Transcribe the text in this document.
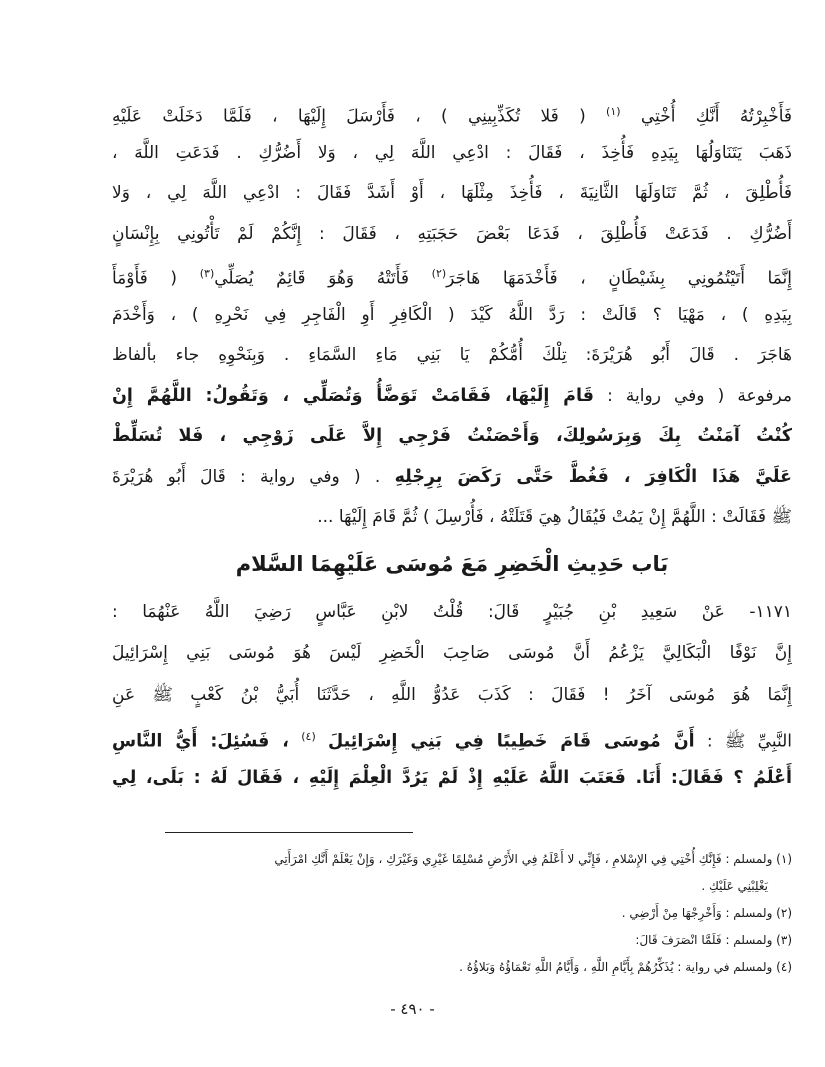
فَأَخْبِرْتُهُ أَنَّكِ أُخْتِي $^{(١)}$ ( فَلا تُكَذِّبِينِي ) ، فَأَرْسَلَ إِلَيْهَا ، فَلَمَّا دَخَلَتْ عَلَيْهِ
ذَهَبَ يَتَنَاوَلُهَا بِيَدِهِ فَأُخِذَ ، فَقَالَ : ادْعِي اللَّهَ لِي ، وَلا أَضُرُّكِ . فَدَعَتِ اللَّهَ ،
فَأُطْلِقَ ، ثُمَّ تَنَاوَلَهَا الثَّانِيَةَ ، فَأُخِذَ مِثْلَهَا ، أَوْ أَشَدَّ فَقَالَ : ادْعِي اللَّهَ لِي ، وَلا
أَضُرُّكِ . فَدَعَتْ فَأُطْلِقَ ، فَدَعَا بَعْضَ حَجَبَتِهِ ، فَقَالَ : إِنَّكُمْ لَمْ تَأْتُونِي بِإِنْسَانٍ
إِنَّمَا أَتَيْتُمُونِي بِشَيْطَانٍ ، فَأَخْدَمَهَا هَاجَرَ$^{(٢)}$ فَأَتَتْهُ وَهُوَ قَائِمٌ يُصَلِّي$^{(٣)}$ ( فَأَوْمَأَ
بِيَدِهِ ) ، مَهْيَا ؟ قَالَتْ : رَدَّ اللَّهُ كَيْدَ ( الْكَافِرِ أَوِ الْفَاجِرِ فِي نَحْرِهِ ) ، وَأَخْدَمَ
هَاجَرَ . قَالَ أَبُو هُرَيْرَةَ: تِلْكَ أُمُّكُمْ يَا بَنِي مَاءِ السَّمَاءِ . وَبِنَحْوِهِ جاء بألفاظ
مرفوعة ( وفي رواية : قَامَ إِلَيْهَا، فَقَامَتْ تَوَضَّأُ وَتُصَلِّي ، وَتَقُولُ: اللَّهُمَّ إِنْ
كُنْتُ آمَنْتُ بِكَ وَبِرَسُولِكَ، وَأَحْصَنْتُ فَرْجِي إِلاَّ عَلَى زَوْجِي ، فَلا تُسَلِّطْ
عَلَيَّ هَذَا الْكَافِرَ ، فَغُطَّ حَتَّى رَكَضَ بِرِجْلِهِ . ( وفي رواية : قَالَ أَبُو هُرَيْرَةَ
ﷺ فَقَالَتْ : اللَّهُمَّ إِنْ يَمُتْ فَيُقَالُ هِيَ قَتَلَتْهُ ، فَأُرْسِلَ ) ثُمَّ قَامَ إِلَيْهَا ...
بَاب حَدِيثِ الْخَضِرِ مَعَ مُوسَى عَلَيْهِمَا السَّلام
١١٧١- عَنْ سَعِيدِ بْنِ جُبَيْرٍ قَالَ: قُلْتُ لابْنِ عَبَّاسٍ رَضِيَ اللَّهُ عَنْهُمَا :
إِنَّ نَوْفًا الْبَكَالِيَّ يَزْعُمُ أَنَّ مُوسَى صَاحِبَ الْخَضِرِ لَيْسَ هُوَ مُوسَى بَنِي إِسْرَائِيلَ
إِنَّمَا هُوَ مُوسَى آخَرُ ! فَقَالَ : كَذَبَ عَدُوُّ اللَّهِ ، حَدَّثَنَا أُبَيُّ بْنُ كَعْبٍ ﷺ عَنِ
النَّبِيِّ ﷺ : أَنَّ مُوسَى قَامَ خَطِيبًا فِي بَنِي إِسْرَائِيلَ $^{(٤)}$ ، فَسُئِلَ: أَيُّ النَّاسِ
أَعْلَمُ ؟ فَقَالَ: أَنَا. فَعَتَبَ اللَّهُ عَلَيْهِ إِذْ لَمْ يَرُدَّ الْعِلْمَ إِلَيْهِ ، فَقَالَ لَهُ : بَلَى، لِي
(١) ولمسلم : فَإِنَّكِ أُخْتِي فِي الإِسْلامِ ، فَإِنِّي لا أَعْلَمُ فِي الأَرْضِ مُسْلِمًا غَيْرِي وَغَيْرَكِ ، وَإِنْ يَعْلَمْ أَنَّكِ امْرَأَتِي
يَغْلِبْنِي عَلَيْكِ .
(٢) ولمسلم : وَأَخْرِجْهَا مِنْ أَرْضِي .
(٣) ولمسلم : فَلَمَّا انْصَرَفَ قَالَ:
(٤) ولمسلم في رواية : يُذَكِّرُهُمْ بِأَيَّامِ اللَّهِ ، وَأَيَّامُ اللَّهِ نَعْمَاؤُهُ وَبَلاؤُهُ .
- ٤٩٠ -
